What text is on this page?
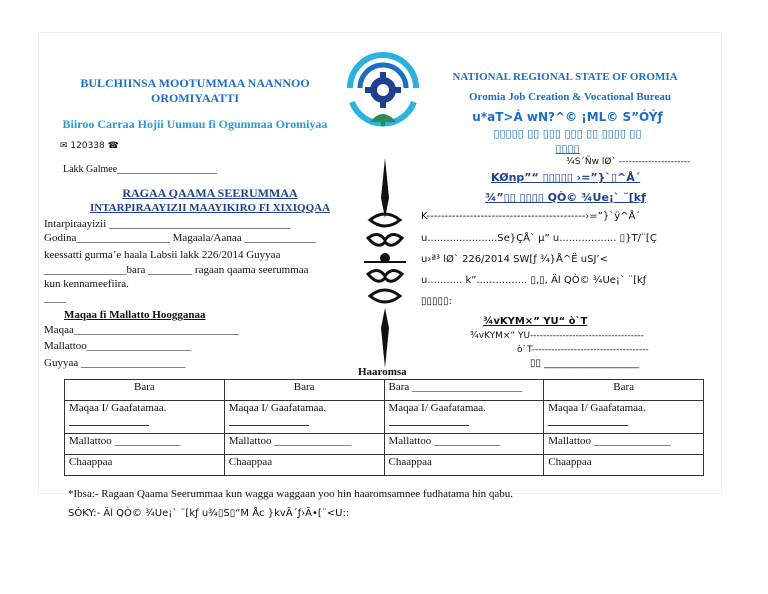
BULCHIINSA MOOTUMMAA NAANNOO
OROMIYAATTI
Biiroo Carraa Hojii Uumuu fi Ogummaa Oromiyaa
✉ 120338 ☎
Lakk Galmee____________________
NATIONAL REGIONAL STATE OF OROMIA
Oromia Job Creation & Vocational Bureau
u*aT>Á wN?^© ¡ML© S”ÓÝƒ
▯▯▯▯▯ ▯▯ ▯▯▯ ▯▯▯ ▯▯ ▯▯▯▯ ▯▯
▯▯▯▯
¾S´Ñw lØ` ----------------------
KØnp”“ ▯▯▯▯▯ ›=”}`▯^Å´
¾”▯▯ ▯▯▯▯ QÒ© ¾Ue¡` ¨[kƒ
K--------------------------------------------›=”}`ÿ^Å´
u......................Se}ÇÅ` µ” u.................. ▯}T/¨[Ç
u›ª³ lØ` 226/2014 SW[ƒ ¾}Å^Ë uSJ’<
u........... k”................ ▯,▯, Äl QÒ© ¾Ue¡` ¨[kƒ
▯▯▯▯▯:
¾vKYM×” YU“ ò`T
¾vKYM×” YU-----------------------------------
ò`T------------------------------------
▯▯ ___________________
RAGAA QAAMA SEERUMMAA
INTARPIRAAYIZII MAAYIKIRO FI XIXIQQAA
Intarpiraayizii _________________________________
Godina_________________ Magaala/Aanaa _____________
keessatti gurma’e haala Labsii lakk 226/2014 Guyyaa
_______________bara ________ ragaan qaama seerummaa
kun kennameefiira.
____
Maqaa fi Mallatto Hoogganaa
Maqaa______________________________
Mallattoo___________________
Guyyaa ___________________
Haaromsa
Bara	Bara	Bara ____________________	Bara
Maqaa I/ Gaafatamaa.	Maqaa I/ Gaafatamaa.	Maqaa I/ Gaafatamaa.	Maqaa I/ Gaafatamaa.

Mallattoo ____________	Mallattoo ______________	Mallattoo ____________	Mallattoo ______________
Chaappaa	Chaappaa	Chaappaa	Chaappaa
*Ibsa:- Ragaan Qaama Seerummaa kun wagga waggaan yoo hin haaromsamnee fudhatama hin qabu.
SÓKY:- Äl QÒ© ¾Ue¡` ¨[kƒ u¾▯S▯“M Åc }kvÃ´ƒ›Ã•[¨<U::
